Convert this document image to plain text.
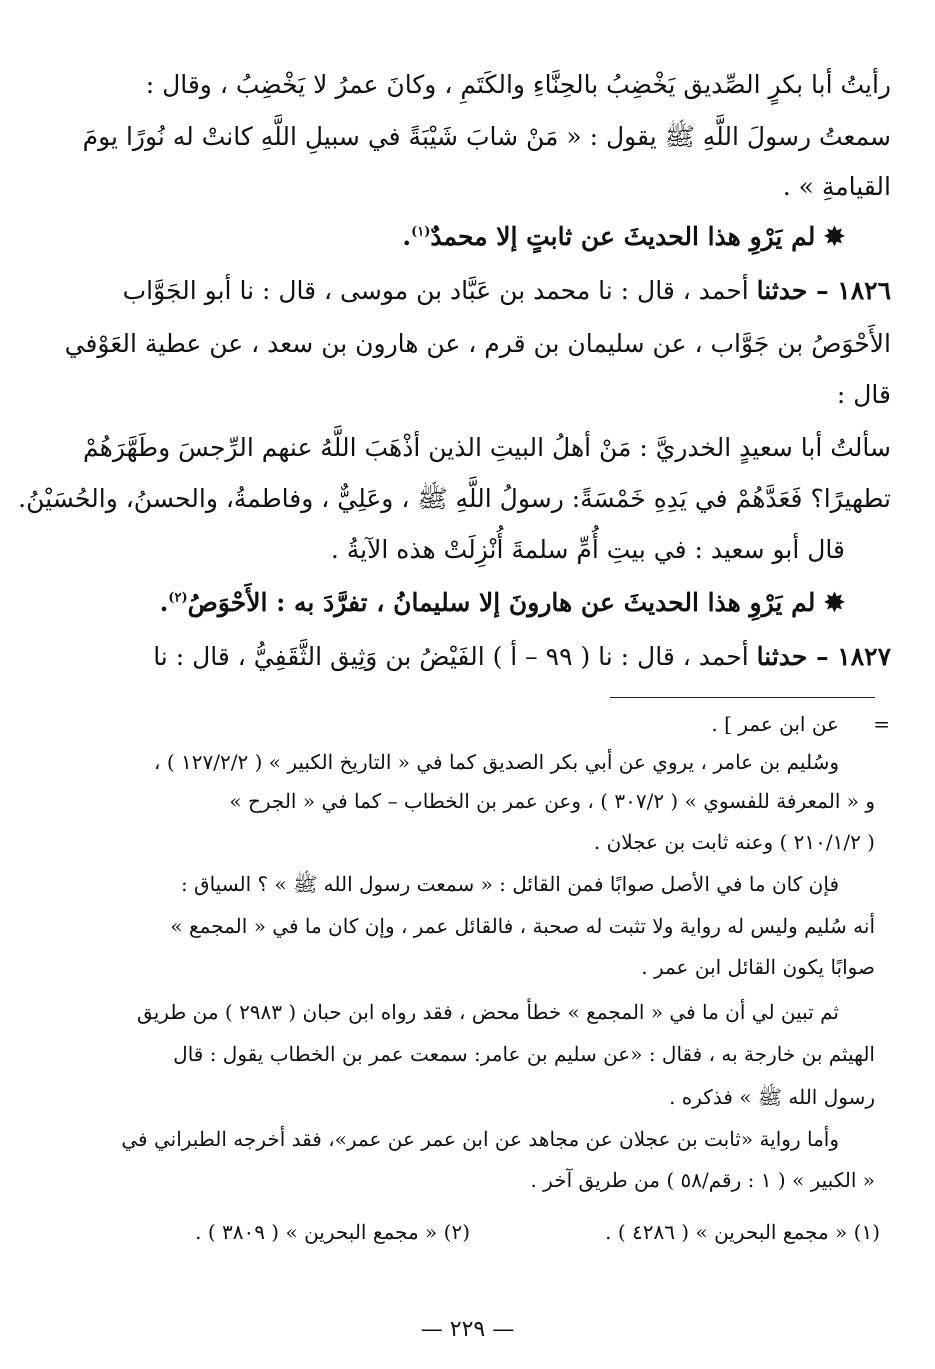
رأيتُ أبا بكرٍ الصِّديق يَخْضِبُ بالحِنَّاءِ والكَتَمِ ، وكانَ عمرُ لا يَخْضِبُ ، وقال :
سمعتُ رسولَ اللَّهِ ﷺ يقول : « مَنْ شابَ شَيْبَةً في سبيلِ اللَّهِ كانتْ له نُورًا يومَ
القيامةِ » .
✸ لم يَرْوِ هذا الحديثَ عن ثابتٍ إلا محمدٌ$^{(١)}$.
١٨٢٦ – حدثنا أحمد ، قال : نا محمد بن عَبَّاد بن موسى ، قال : نا أبو الجَوَّاب
الأَحْوَصُ بن جَوَّاب ، عن سليمان بن قرم ، عن هارون بن سعد ، عن عطية العَوْفي
قال :
سألتُ أبا سعيدٍ الخدريَّ : مَنْ أهلُ البيتِ الذين أذْهَبَ اللَّهُ عنهم الرِّجسَ وطَهَّرَهُمْ
تطهيرًا؟ فَعَدَّهُمْ في يَدِهِ خَمْسَةً: رسولُ اللَّهِ ﷺ ، وعَلِيٌّ ، وفاطمةُ، والحسنُ، والحُسَيْنُ.
قال أبو سعيد : في بيتِ أُمِّ سلمةَ أُنْزِلَتْ هذه الآيةُ .
✸ لم يَرْوِ هذا الحديثَ عن هارونَ إلا سليمانُ ، تفرَّدَ به : الأَحْوَصُ$^{(٢)}$.
١٨٢٧ – حدثنا أحمد ، قال : نا ( ٩٩ – أ ) الفَيْضُ بن وَثِيق الثَّقَفِيُّ ، قال : نا
=
عن ابن عمر ] .
وسُليم بن عامر ، يروي عن أبي بكر الصديق كما في « التاريخ الكبير » ( ١٢٧/٢/٢ ) ،
و « المعرفة للفسوي » ( ٣٠٧/٢ ) ، وعن عمر بن الخطاب – كما في « الجرح »
( ٢١٠/١/٢ ) وعنه ثابت بن عجلان .
فإن كان ما في الأصل صوابًا فمن القائل : « سمعت رسول الله ﷺ » ؟ السياق :
أنه سُليم وليس له رواية ولا تثبت له صحبة ، فالقائل عمر ، وإن كان ما في « المجمع »
صوابًا يكون القائل ابن عمر .
ثم تبين لي أن ما في « المجمع » خطأ محض ، فقد رواه ابن حبان ( ٢٩٨٣ ) من طريق
الهيثم بن خارجة به ، فقال : «عن سليم بن عامر: سمعت عمر بن الخطاب يقول : قال
رسول الله ﷺ » فذكره .
وأما رواية «ثابت بن عجلان عن مجاهد عن ابن عمر عن عمر»، فقد أخرجه الطبراني في
« الكبير » ( ١ : رقم/٥٨ ) من طريق آخر .
(١) « مجمع البحرين » ( ٤٢٨٦ ) .
(٢) « مجمع البحرين » ( ٣٨٠٩ ) .
— ٢٢٩ —
